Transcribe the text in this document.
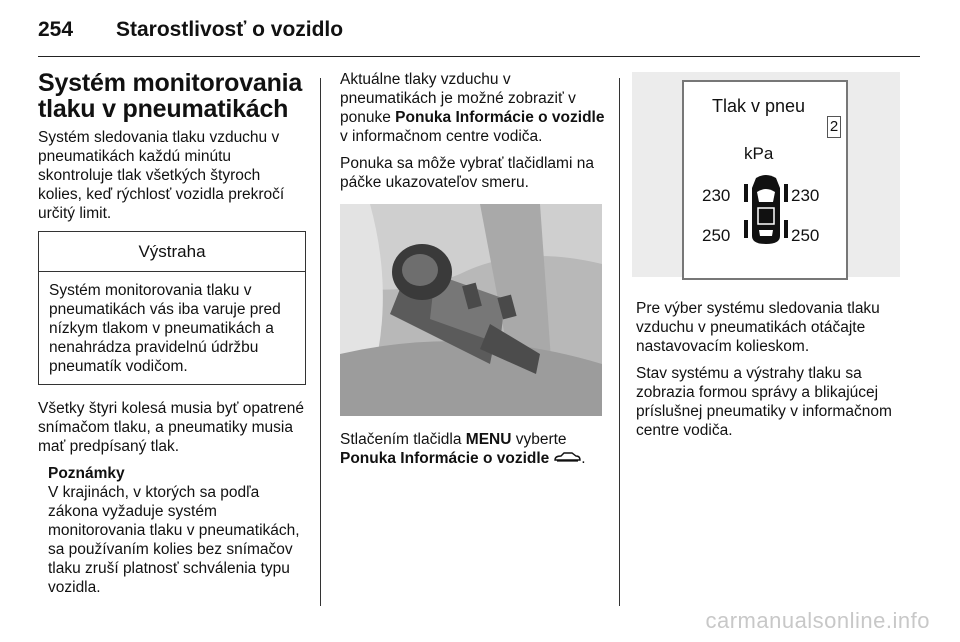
254 Starostlivosť o vozidlo
Systém monitorovania tlaku v pneumatikách

Systém sledovania tlaku vzduchu v pneumatikách každú minútu skontroluje tlak všetkých štyroch kolies, keď rýchlosť vozidla prekročí určitý limit.

Výstraha
Systém monitorovania tlaku v pneumatikách vás iba varuje pred nízkym tlakom v pneumatikách a nenahrádza pravidelnú údržbu pneumatík vodičom.

Všetky štyri kolesá musia byť opatrené snímačom tlaku, a pneumatiky musia mať predpísaný tlak.

Poznámky
V krajinách, v ktorých sa podľa zákona vyžaduje systém monitorovania tlaku v pneumatikách, sa používaním kolies bez snímačov tlaku zruší platnosť schválenia typu vozidla.

Aktuálne tlaky vzduchu v pneumatikách je možné zobraziť v ponuke Ponuka Informácie o vozidle v informačnom centre vodiča.

Ponuka sa môže vybrať tlačidlami na páčke ukazovateľov smeru.

Stlačením tlačidla MENU vyberte Ponuka Informácie o vozidle .

Tlak v pneu
2
kPa
230	230
250	250

Pre výber systému sledovania tlaku vzduchu v pneumatikách otáčajte nastavovacím kolieskom.

Stav systému a výstrahy tlaku sa zobrazia formou správy a blikajúcej príslušnej pneumatiky v informačnom centre vodiča.

carmanualsonline.info
